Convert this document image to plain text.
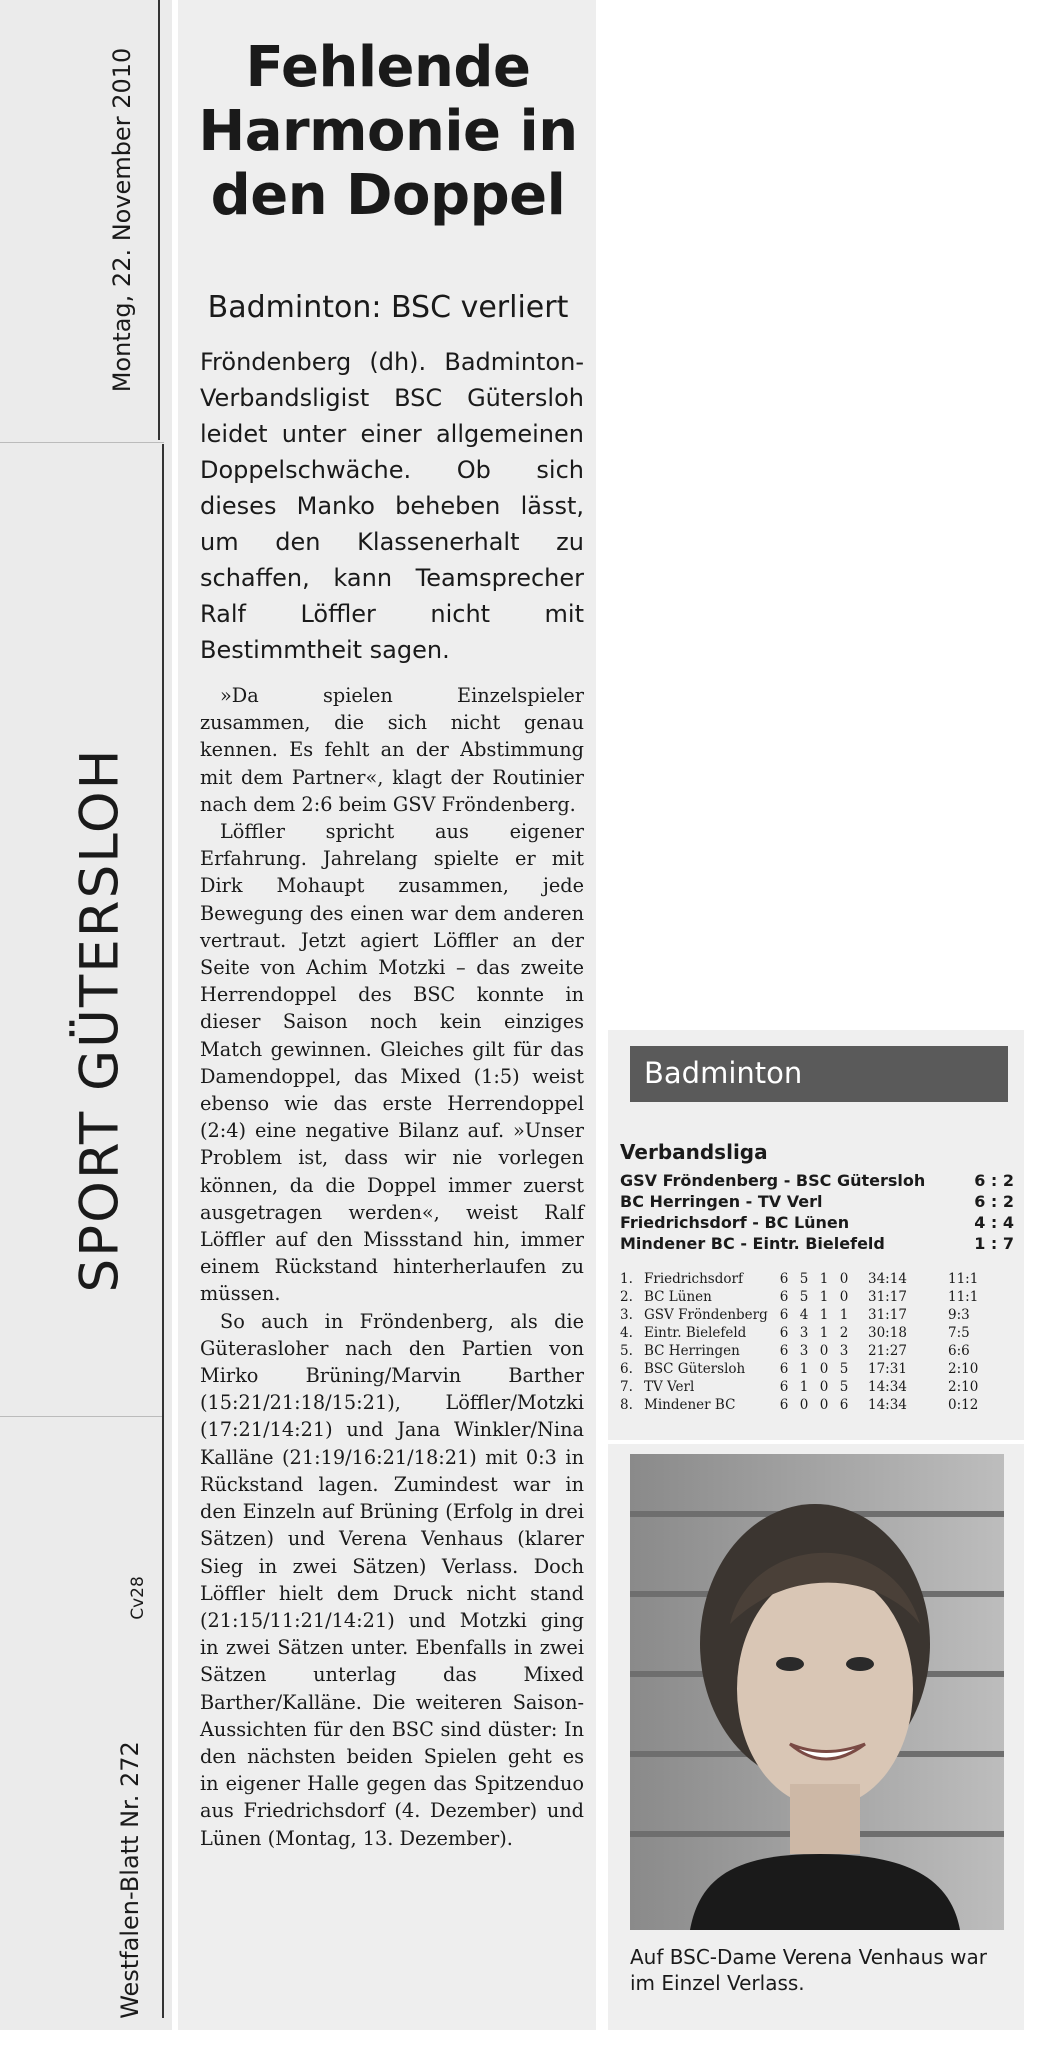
Montag, 22. November 2010
SPORT GÜTERSLOH
Cv28
Westfalen-Blatt Nr. 272
Fehlende Harmonie in den Doppel
Badminton: BSC verliert
Fröndenberg (dh). Badminton-Verbandsligist BSC Gütersloh leidet unter einer allgemeinen Doppelschwäche. Ob sich dieses Manko beheben lässt, um den Klassenerhalt zu schaffen, kann Teamsprecher Ralf Löffler nicht mit Bestimmtheit sagen.

»Da spielen Einzelspieler zusammen, die sich nicht genau kennen. Es fehlt an der Abstimmung mit dem Partner«, klagt der Routinier nach dem 2:6 beim GSV Fröndenberg.

Löffler spricht aus eigener Erfahrung. Jahrelang spielte er mit Dirk Mohaupt zusammen, jede Bewegung des einen war dem anderen vertraut. Jetzt agiert Löffler an der Seite von Achim Motzki – das zweite Herrendoppel des BSC konnte in dieser Saison noch kein einziges Match gewinnen. Gleiches gilt für das Damendoppel, das Mixed (1:5) weist ebenso wie das erste Herrendoppel (2:4) eine negative Bilanz auf. »Unser Problem ist, dass wir nie vorlegen können, da die Doppel immer zuerst ausgetragen werden«, weist Ralf Löffler auf den Missstand hin, immer einem Rückstand hinterherlaufen zu müssen.

So auch in Fröndenberg, als die Güterasloher nach den Partien von Mirko Brüning/Marvin Barther (15:21/21:18/15:21), Löffler/Motzki (17:21/14:21) und Jana Winkler/Nina Kalläne (21:19/16:21/18:21) mit 0:3 in Rückstand lagen. Zumindest war in den Einzeln auf Brüning (Erfolg in drei Sätzen) und Verena Venhaus (klarer Sieg in zwei Sätzen) Verlass. Doch Löffler hielt dem Druck nicht stand (21:15/11:21/14:21) und Motzki ging in zwei Sätzen unter. Ebenfalls in zwei Sätzen unterlag das Mixed Barther/Kalläne. Die weiteren Saison-Aussichten für den BSC sind düster: In den nächsten beiden Spielen geht es in eigener Halle gegen das Spitzenduo aus Friedrichsdorf (4. Dezember) und Lünen (Montag, 13. Dezember).

Badminton
Verbandsliga
GSV Fröndenberg - BSC Gütersloh	6 : 2
BC Herringen - TV Verl	6 : 2
Friedrichsdorf - BC Lünen	4 : 4
Mindener BC - Eintr. Bielefeld	1 : 7
1. Friedrichsdorf	6 5 1 0	34:14	11:1
2. BC Lünen	6 5 1 0	31:17	11:1
3. GSV Fröndenberg 6 4 1 1	31:17	9:3
4. Eintr. Bielefeld	6 3 1 2	30:18	7:5
5. BC Herringen	6 3 0 3	21:27	6:6
6. BSC Gütersloh	6 1 0 5	17:31	2:10
7. TV Verl	6 1 0 5	14:34	2:10
8. Mindener BC	6 0 0 6	14:34	0:12
Auf BSC-Dame Verena Venhaus war im Einzel Verlass.
